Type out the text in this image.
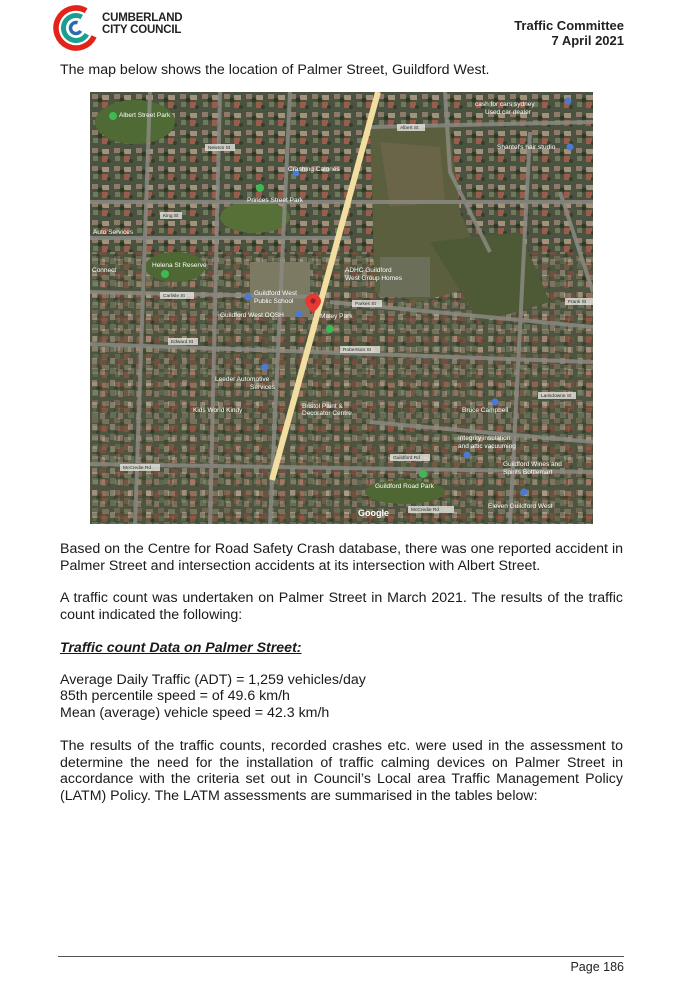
CUMBERLAND
CITY COUNCIL	Traffic Committee
7 April 2021

The map below shows the location of Palmer Street, Guildford West.

Albert Street Park
cash for cars sydney
Used car dealer
Shantel's hair studio
Crashing Calories
Princes Street Park
Auto Services
Helena St Reserve
Connect	ADHC Guildford
West Group Homes
Guildford West
Public School
Guildford West OOSH	Maley Park
Leeder Automotive
Services
Kids World Kindy
Bristol Paint &
Decorator Centre	Bruce Campbell
Integrity insulation
and attic vacuuming
Guildford Wines and
Spirits Bottlemart
Guildford Road Park
Eleven Guildford West
Google
Albert St
King St
Carlisle St
Edward St
Parkes St
Robertson St
McCredie Rd
McCredie Rd
Guildford Rd
Newton St
Lansdowne St
Frank St

Based on the Centre for Road Safety Crash database, there was one reported accident in Palmer Street and intersection accidents at its intersection with Albert Street.

A traffic count was undertaken on Palmer Street in March 2021. The results of the traffic count indicated the following:

Traffic count Data on Palmer Street:

Average Daily Traffic (ADT) = 1,259 vehicles/day

85th percentile speed = of 49.6 km/h

Mean (average) vehicle speed = 42.3 km/h

The results of the traffic counts, recorded crashes etc. were used in the assessment to determine the need for the installation of traffic calming devices on Palmer Street in accordance with the criteria set out in Council’s Local area Traffic Management Policy (LATM) Policy. The LATM assessments are summarised in the tables below:

Page 186
